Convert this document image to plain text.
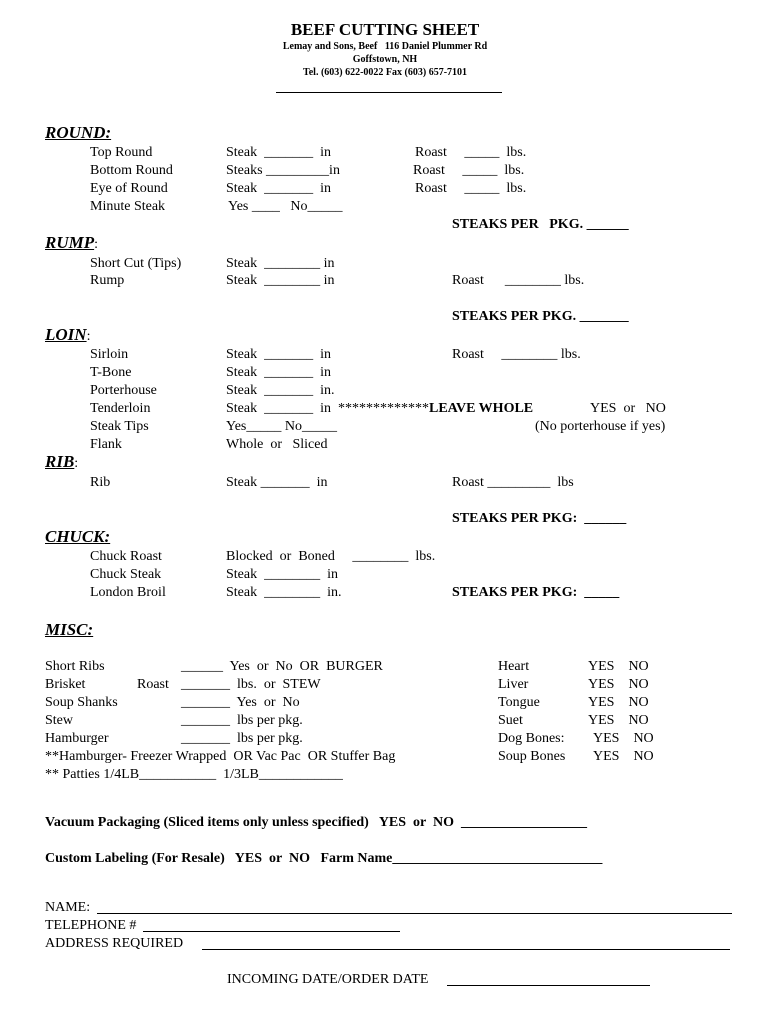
BEEF CUTTING SHEET
Lemay and Sons, Beef   116 Daniel Plummer Rd
Goffstown, NH
Tel. (603) 622-0022 Fax (603) 657-7101
ROUND:
Top Round	Steak  _______  in	Roast     _____  lbs.
Bottom Round	Steaks _________in	Roast     _____  lbs.
Eye of Round	Steak  _______  in	Roast     _____  lbs.
Minute Steak	Yes ____   No_____
STEAKS PER   PKG. ______
RUMP:
Short Cut (Tips)	Steak  ________ in
Rump	Steak  ________ in	Roast      ________ lbs.
STEAKS PER PKG. _______
LOIN:
Sirloin	Steak  _______  in	Roast     ________ lbs.
T-Bone	Steak  _______  in
Porterhouse	Steak  _______  in.
Tenderloin	Steak  _______  in  *************LEAVE WHOLE	YES  or   NO
Steak Tips	Yes_____ No_____	(No porterhouse if yes)
Flank	Whole  or   Sliced
RIB:
Rib	Steak _______  in	Roast _________  lbs
STEAKS PER PKG:  ______
CHUCK:
Chuck Roast	Blocked  or  Boned     ________  lbs.
Chuck Steak	Steak  ________  in
London Broil	Steak  ________  in.	STEAKS PER PKG:  _____
MISC:
Short Ribs	______  Yes  or  No  OR  BURGER
Brisket	Roast _______  lbs.  or  STEW
Soup Shanks	_______  Yes  or  No
Stew	_______  lbs per pkg.
Hamburger	_______  lbs per pkg.
**Hamburger- Freezer Wrapped  OR Vac Pac  OR Stuffer Bag
** Patties 1/4LB___________  1/3LB____________
Heart	YES    NO
Liver	YES    NO
Tongue	YES    NO
Suet	YES    NO
Dog Bones: YES    NO
Soup Bones YES    NO
Vacuum Packaging (Sliced items only unless specified)   YES  or  NO  __________________
Custom Labeling (For Resale)   YES  or  NO   Farm Name______________________________
NAME:
TELEPHONE #
ADDRESS REQUIRED
INCOMING DATE/ORDER DATE
